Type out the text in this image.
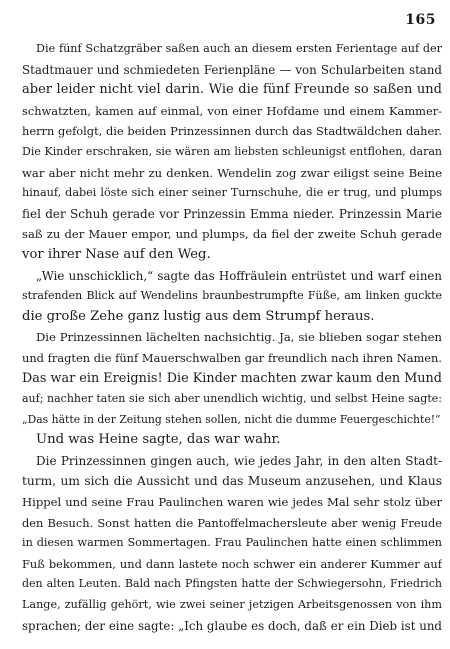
165
Die fünf Schatzgräber saßen auch an diesem ersten Ferientage auf der
Stadtmauer und schmiedeten Ferienpläne — von Schularbeiten stand
aber leider nicht viel darin. Wie die fünf Freunde so saßen und
schwatzten, kamen auf einmal, von einer Hofdame und einem Kammer-
herrn gefolgt, die beiden Prinzessinnen durch das Stadtwäldchen daher.
Die Kinder erschraken, sie wären am liebsten schleunigst entflohen, daran
war aber nicht mehr zu denken. Wendelin zog zwar eiligst seine Beine
hinauf, dabei löste sich einer seiner Turnschuhe, die er trug, und plumps
fiel der Schuh gerade vor Prinzessin Emma nieder. Prinzessin Marie
saß zu der Mauer empor, und plumps, da fiel der zweite Schuh gerade
vor ihrer Nase auf den Weg.
„Wie unschicklich,“ sagte das Hoffräulein entrüstet und warf einen
strafenden Blick auf Wendelins braunbestrumpfte Füße, am linken guckte
die große Zehe ganz lustig aus dem Strumpf heraus.
Die Prinzessinnen lächelten nachsichtig. Ja, sie blieben sogar stehen
und fragten die fünf Mauerschwalben gar freundlich nach ihren Namen.
Das war ein Ereignis! Die Kinder machten zwar kaum den Mund
auf; nachher taten sie sich aber unendlich wichtig, und selbst Heine sagte:
„Das hätte in der Zeitung stehen sollen, nicht die dumme Feuergeschichte!“
Und was Heine sagte, das war wahr.
Die Prinzessinnen gingen auch, wie jedes Jahr, in den alten Stadt-
turm, um sich die Aussicht und das Museum anzusehen, und Klaus
Hippel und seine Frau Paulinchen waren wie jedes Mal sehr stolz über
den Besuch. Sonst hatten die Pantoffelmachersleute aber wenig Freude
in diesen warmen Sommertagen. Frau Paulinchen hatte einen schlimmen
Fuß bekommen, und dann lastete noch schwer ein anderer Kummer auf
den alten Leuten. Bald nach Pfingsten hatte der Schwiegersohn, Friedrich
Lange, zufällig gehört, wie zwei seiner jetzigen Arbeitsgenossen von ihm
sprachen; der eine sagte: „Ich glaube es doch, daß er ein Dieb ist und
